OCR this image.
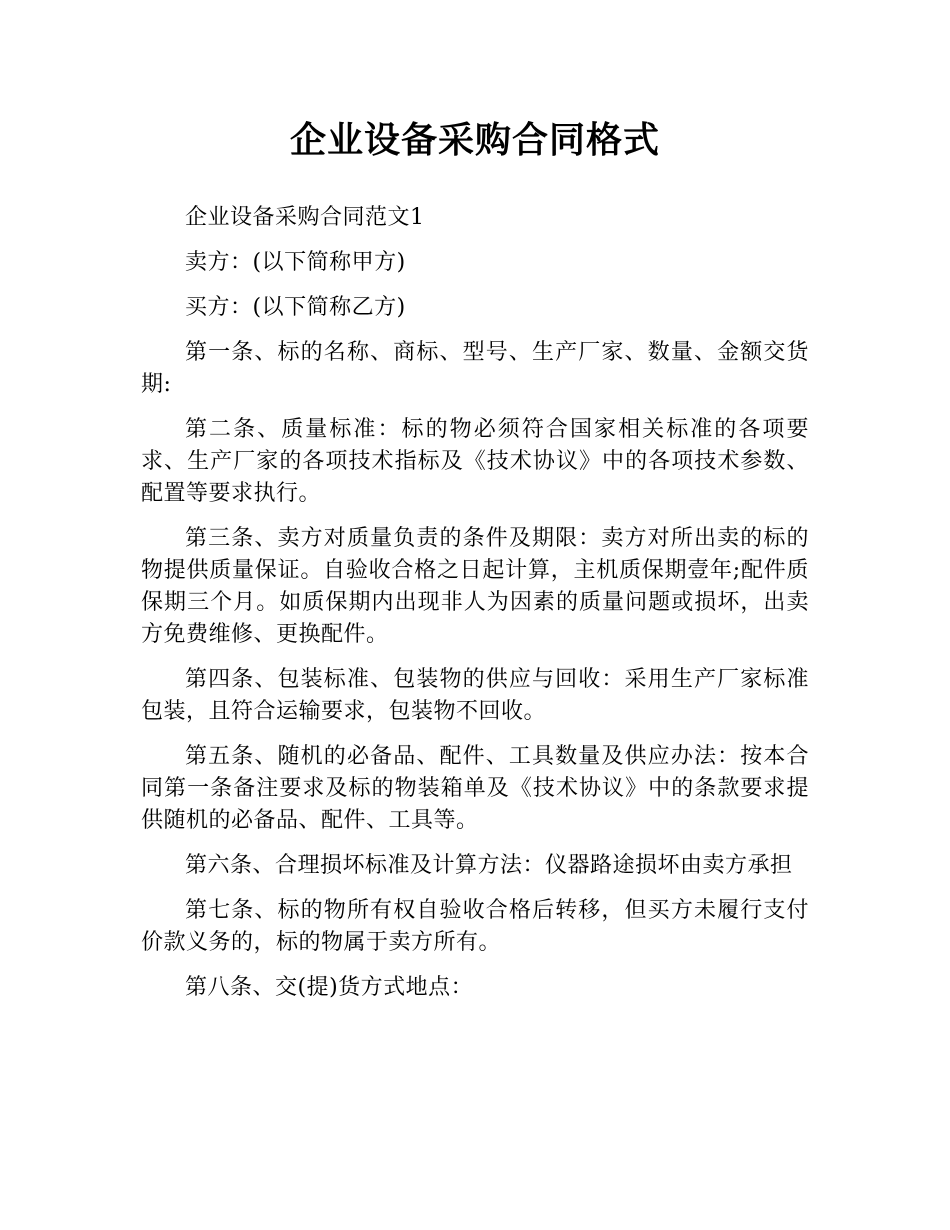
企业设备采购合同格式

企业设备采购合同范文1

卖方：(以下简称甲方)

买方：(以下简称乙方)

第一条、标的名称、商标、型号、生产厂家、数量、金额交货期:

第二条、质量标准：标的物必须符合国家相关标准的各项要求、生产厂家的各项技术指标及《技术协议》中的各项技术参数、配置等要求执行。

第三条、卖方对质量负责的条件及期限：卖方对所出卖的标的物提供质量保证。自验收合格之日起计算，主机质保期壹年;配件质保期三个月。如质保期内出现非人为因素的质量问题或损坏，出卖方免费维修、更换配件。

第四条、包装标准、包装物的供应与回收：采用生产厂家标准包装，且符合运输要求，包装物不回收。

第五条、随机的必备品、配件、工具数量及供应办法：按本合同第一条备注要求及标的物装箱单及《技术协议》中的条款要求提供随机的必备品、配件、工具等。

第六条、合理损坏标准及计算方法：仪器路途损坏由卖方承担

第七条、标的物所有权自验收合格后转移，但买方未履行支付价款义务的，标的物属于卖方所有。

第八条、交(提)货方式地点：
